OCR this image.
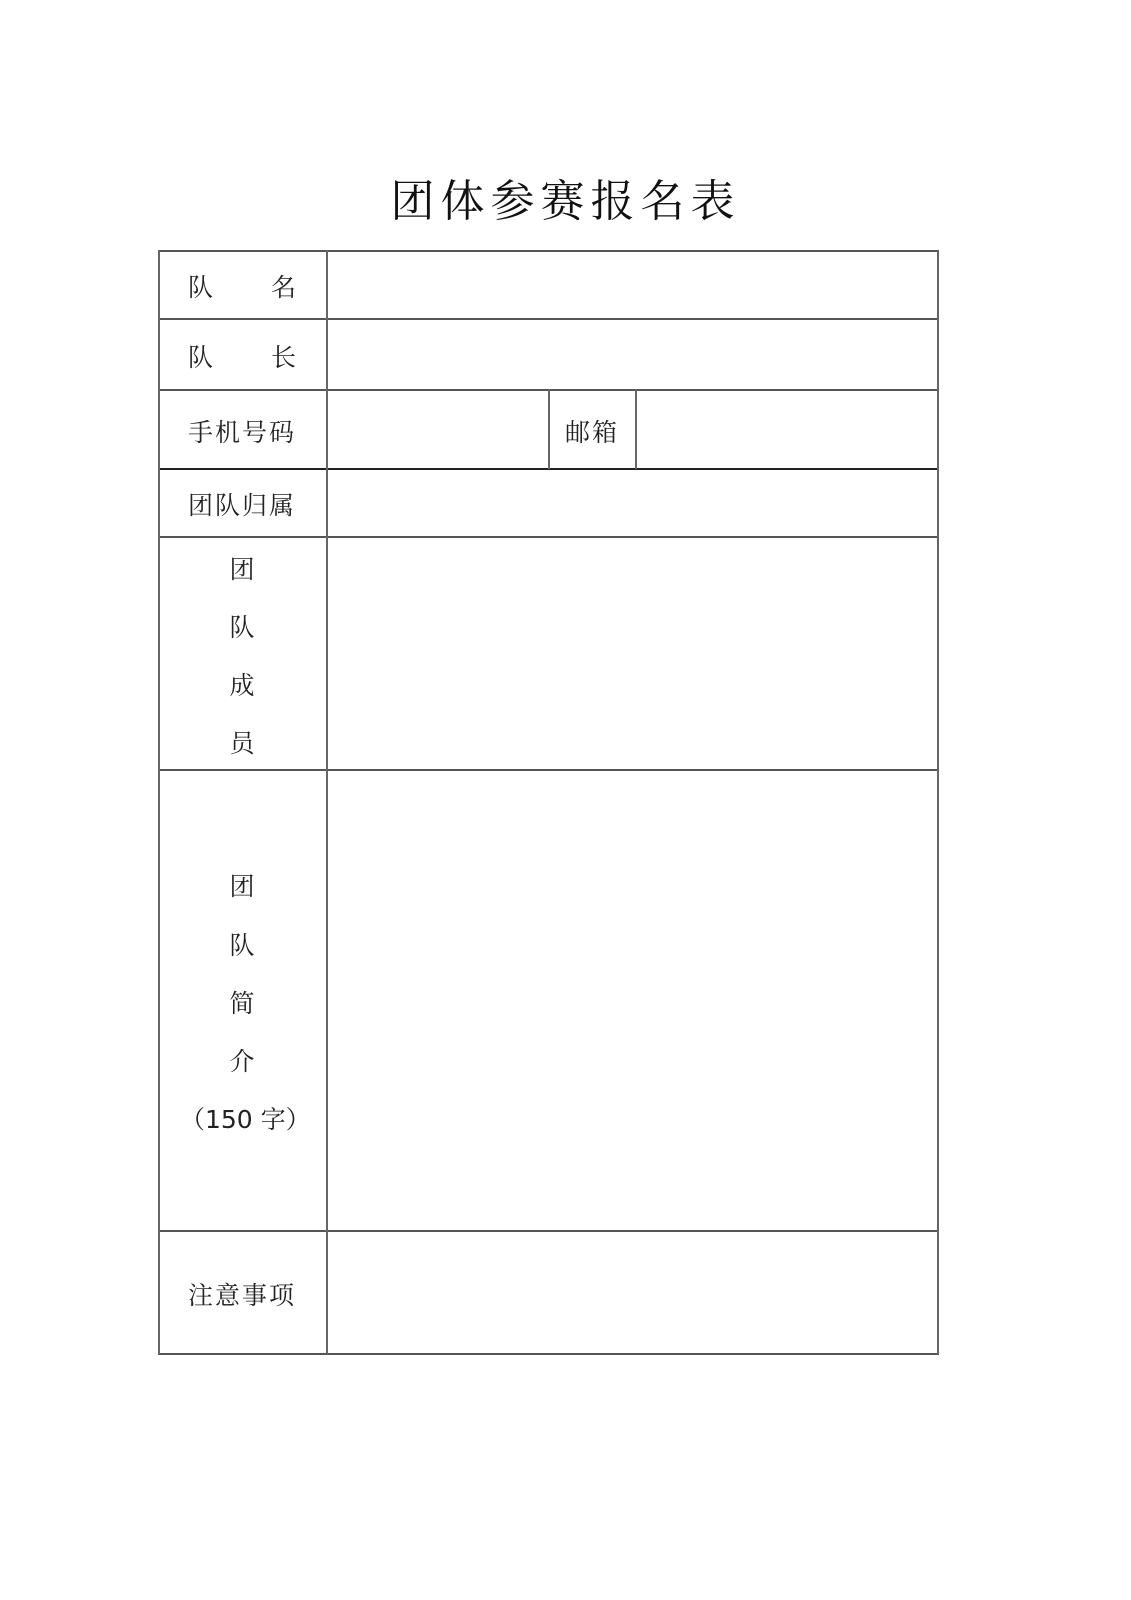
团体参赛报名表
队 名
队 长
手机号码	邮箱
团队归属
团
队
成
员
团
队
简
介
（150 字）
注意事项
